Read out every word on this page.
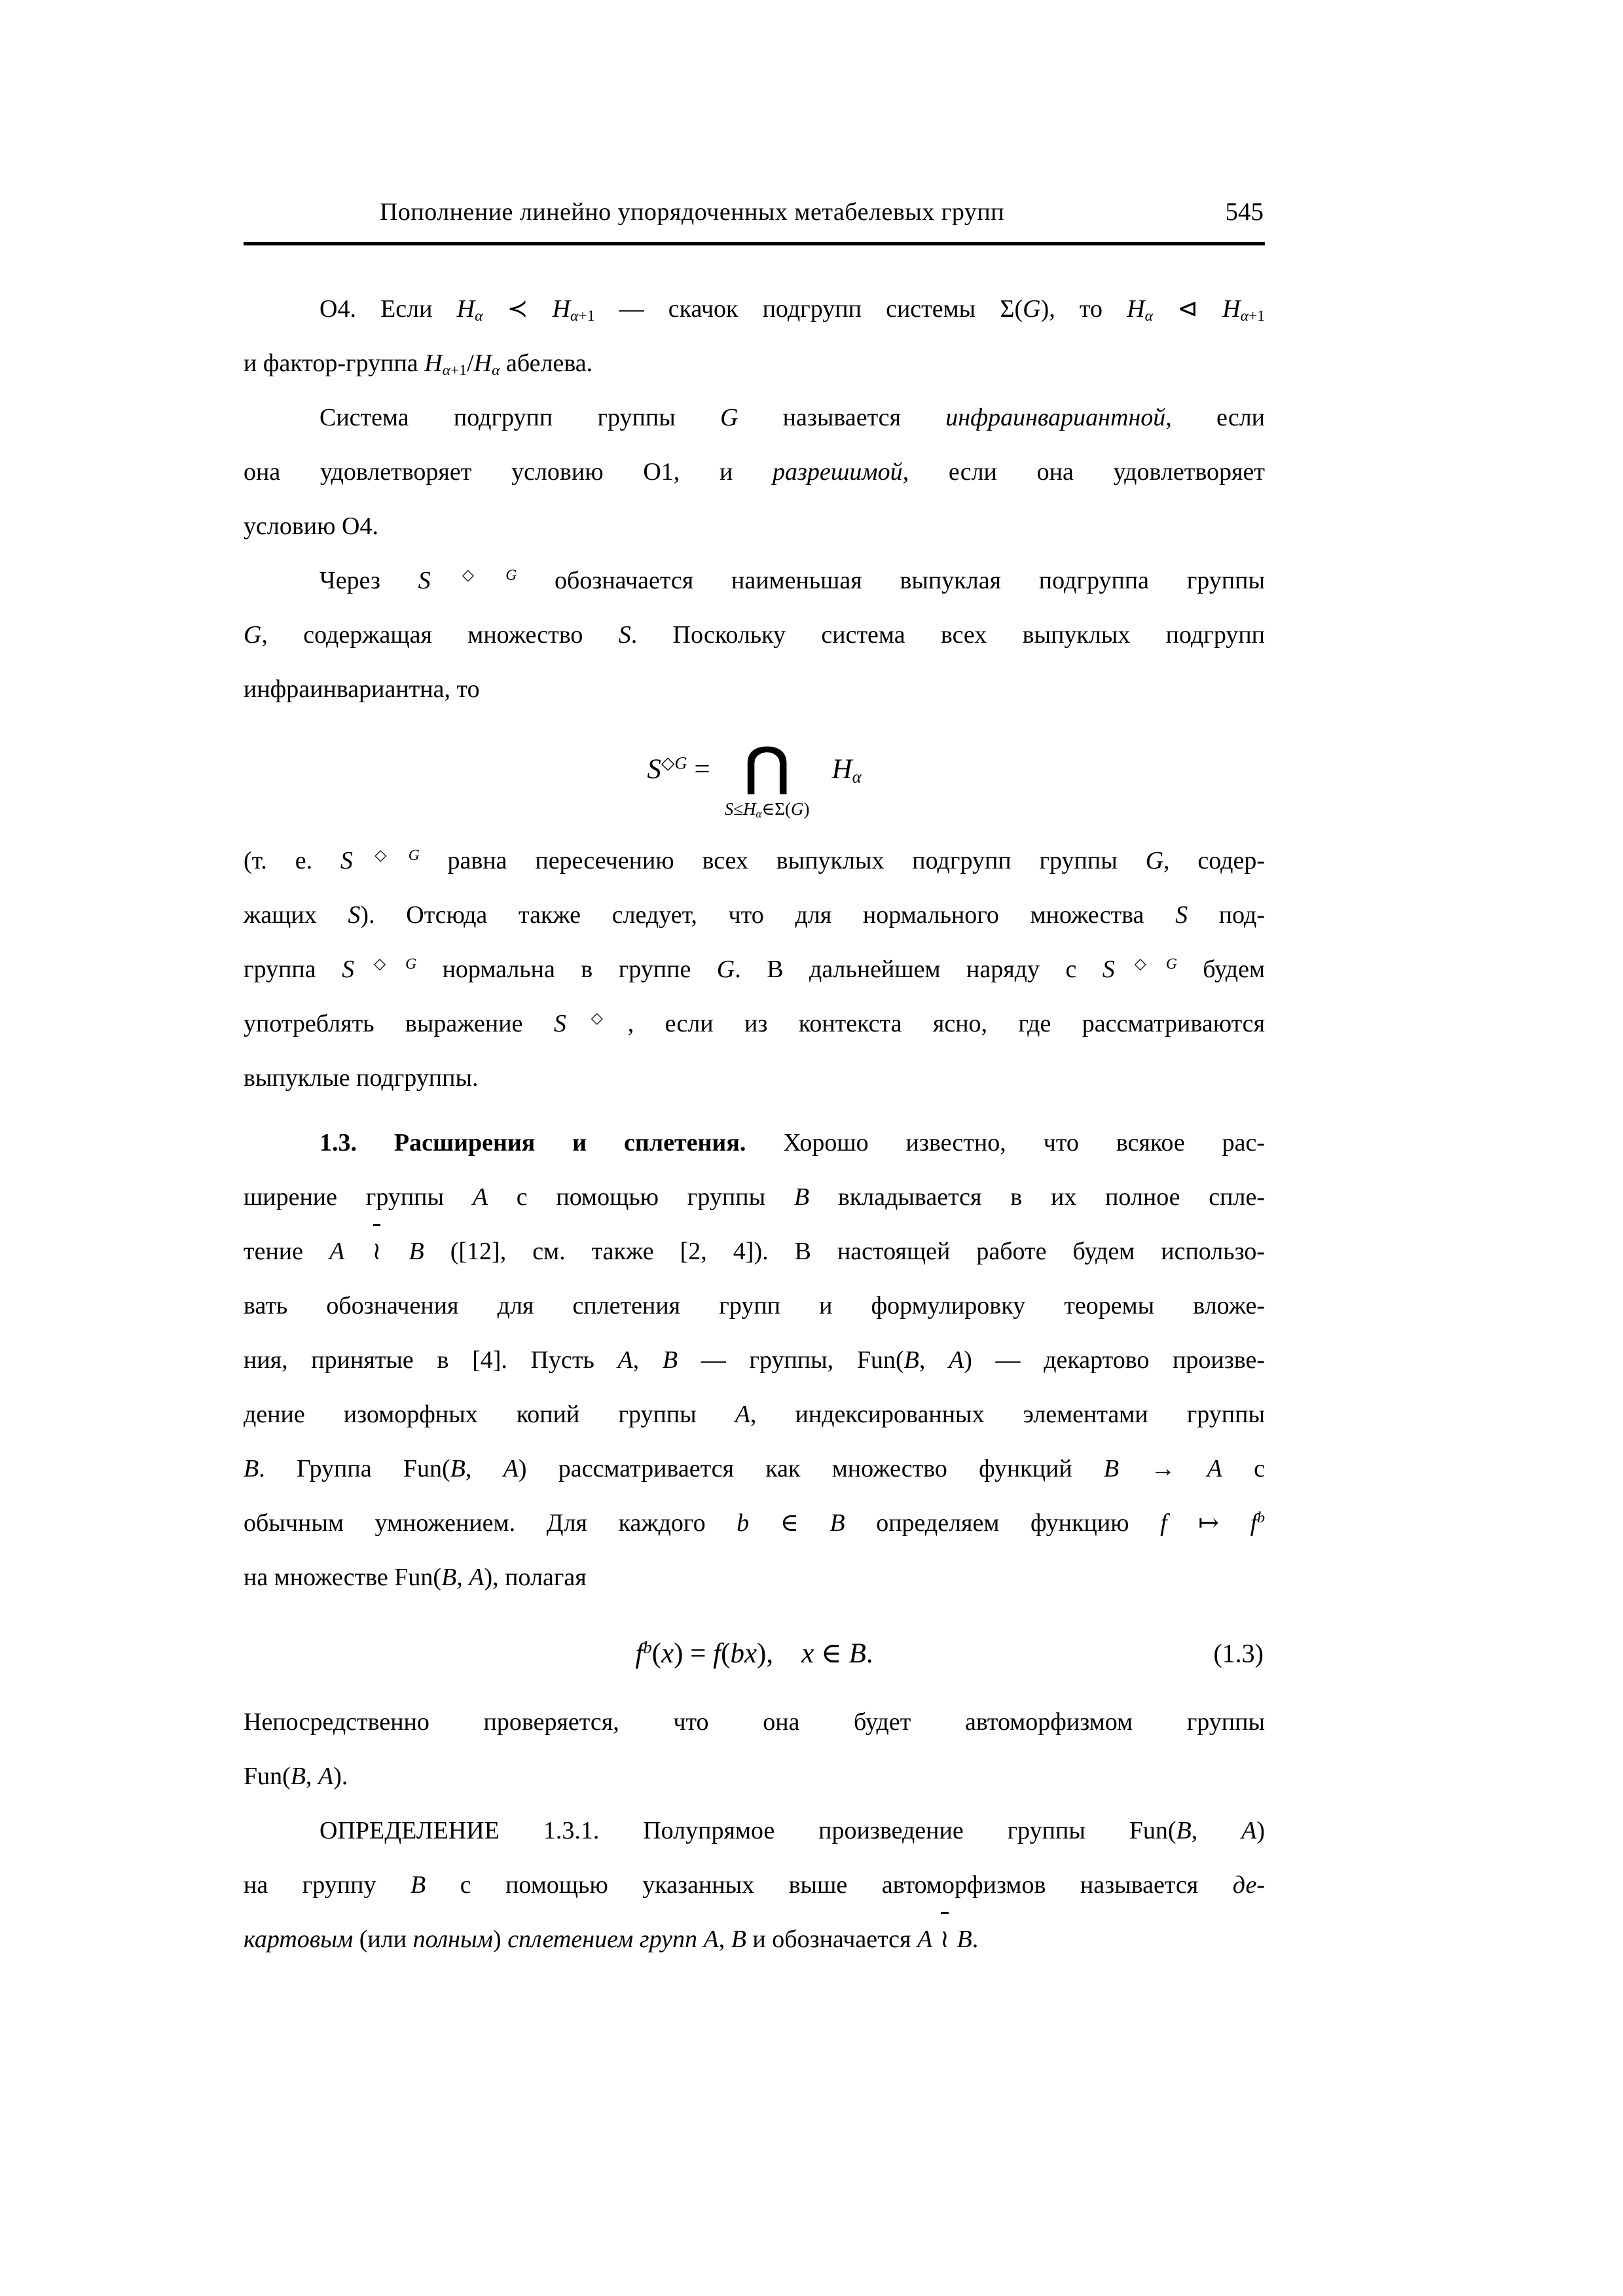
Пополнение линейно упорядоченных метабелевых групп	545
О4. Если $H_\alpha$ ≺ $H_{\alpha+1}$ — скачок подгрупп системы Σ(G), то $H_\alpha$ ⊲ $H_{\alpha+1}$
и фактор-группа $H_{\alpha+1}/H_\alpha$ абелева.
Система подгрупп группы G называется инфраинвариантной, если
она удовлетворяет условию О1, и разрешимой, если она удовлетворяет
условию О4.
Через $S^{◇G}$ обозначается наименьшая выпуклая подгруппа группы
G, содержащая множество S. Поскольку система всех выпуклых подгрупп
инфраинвариантна, то
$S^{◇G}$ = ⋂
$S\le H_\alpha\in\Sigma(G)$
$H_\alpha$
(т. е. $S^{◇G}$ равна пересечению всех выпуклых подгрупп группы G, содер-
жащих S). Отсюда также следует, что для нормального множества S под-
группа $S^{◇G}$ нормальна в группе G. В дальнейшем наряду с $S^{◇G}$ будем
употреблять выражение S◇, если из контекста ясно, где рассматриваются
выпуклые подгруппы.
1.3. Расширения и сплетения. Хорошо известно, что всякое рас-
ширение группы A с помощью группы B вкладывается в их полное спле-
тение A ≀ B ([12], см. также [2, 4]). В настоящей работе будем использо-
вать обозначения для сплетения групп и формулировку теоремы вложе-
ния, принятые в [4]. Пусть A, B — группы, Fun(B, A) — декартово произве-
дение изоморфных копий группы A, индексированных элементами группы
B. Группа Fun(B, A) рассматривается как множество функций B → A с
обычным умножением. Для каждого b ∈ B определяем функцию f ↦ $f^b$
на множестве Fun(B, A), полагая
$f^b(x) = f(bx)$, x ∈ B.	(1.3)
Непосредственно проверяется, что она будет автоморфизмом группы
Fun(B, A).
ОПРЕДЕЛЕНИЕ 1.3.1. Полупрямое произведение группы Fun(B, A)
на группу B с помощью указанных выше автоморфизмов называется де-
картовым (или полным) сплетением групп A, B и обозначается A ≀ B.
